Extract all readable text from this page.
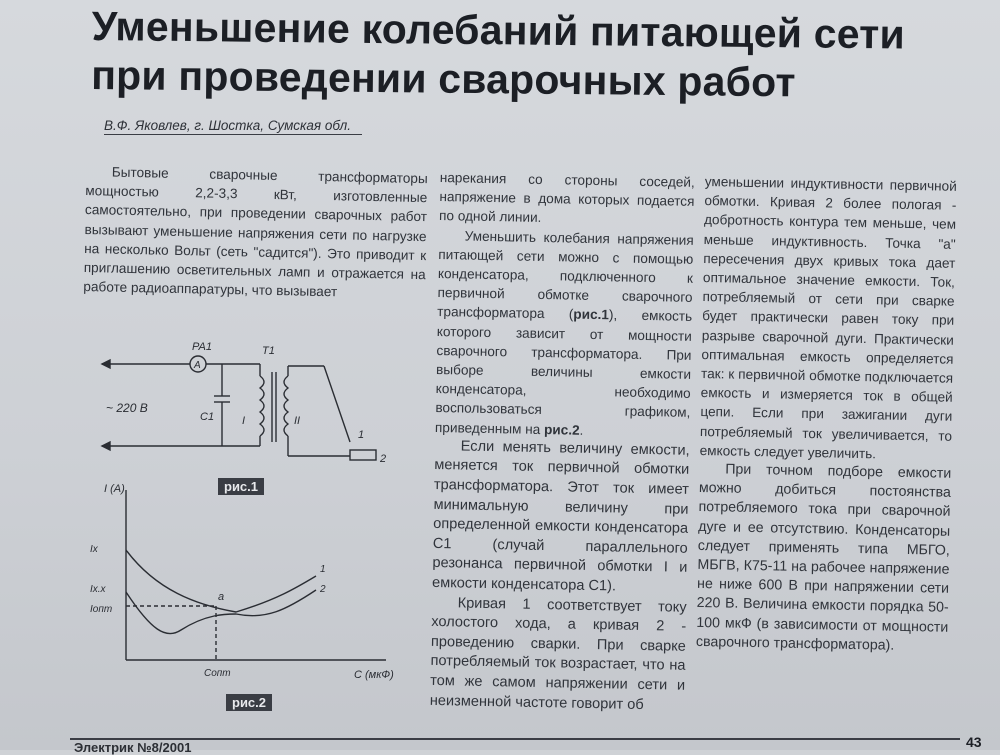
Уменьшение колебаний питающей сети при проведении сварочных работ
В.Ф. Яковлев, г. Шостка, Сумская обл.

Бытовые сварочные трансформаторы мощностью 2,2-3,3 кВт, изготовленные самостоятельно, при проведении сварочных работ вызывают уменьшение напряжения сети по нагрузке на несколько Вольт (сеть "садится"). Это приводит к приглашению осветительных ламп и отражается на работе радиоаппаратуры, что вызывает

PA1
A
T1
~ 220 В
C1	I	II
1
2
рис.1
I (А)
C (мкФ)
Iх
Iх.х
Iопт
Сопт
а
1
2
рис.2

нарекания со стороны соседей, напряжение в дома которых подается по одной линии.

Уменьшить колебания напряжения питающей сети можно с помощью конденсатора, подключенного к первичной обмотке сварочного трансформатора (рис.1), емкость которого зависит от мощности сварочного трансформатора. При выборе величины емкости конденсатора, необходимо воспользоваться графиком, приведенным на рис.2.

Если менять величину емкости, меняется ток первичной обмотки трансформатора. Этот ток имеет минимальную величину при определенной емкости конденсатора С1 (случай параллельного резонанса первичной обмотки I и емкости конденсатора С1).

Кривая 1 соответствует току холостого хода, а кривая 2 - проведению сварки. При сварке потребляемый ток возрастает, что на том же самом напряжении сети и неизменной частоте говорит об

уменьшении индуктивности первичной обмотки. Кривая 2 более пологая - добротность контура тем меньше, чем меньше индуктивность. Точка "а" пересечения двух кривых тока дает оптимальное значение емкости. Ток, потребляемый от сети при сварке будет практически равен току при разрыве сварочной дуги. Практически оптимальная емкость определяется так: к первичной обмотке подключается емкость и измеряется ток в общей цепи. Если при зажигании дуги потребляемый ток увеличивается, то емкость следует увеличить.

При точном подборе емкости можно добиться постоянства потребляемого тока при сварочной дуге и ее отсутствию. Конденсаторы следует применять типа МБГО, МБГВ, К75-11 на рабочее напряжение не ниже 600 В при напряжении сети 220 В. Величина емкости порядка 50-100 мкФ (в зависимости от мощности сварочного трансформатора).

Электрик №8/2001	43
